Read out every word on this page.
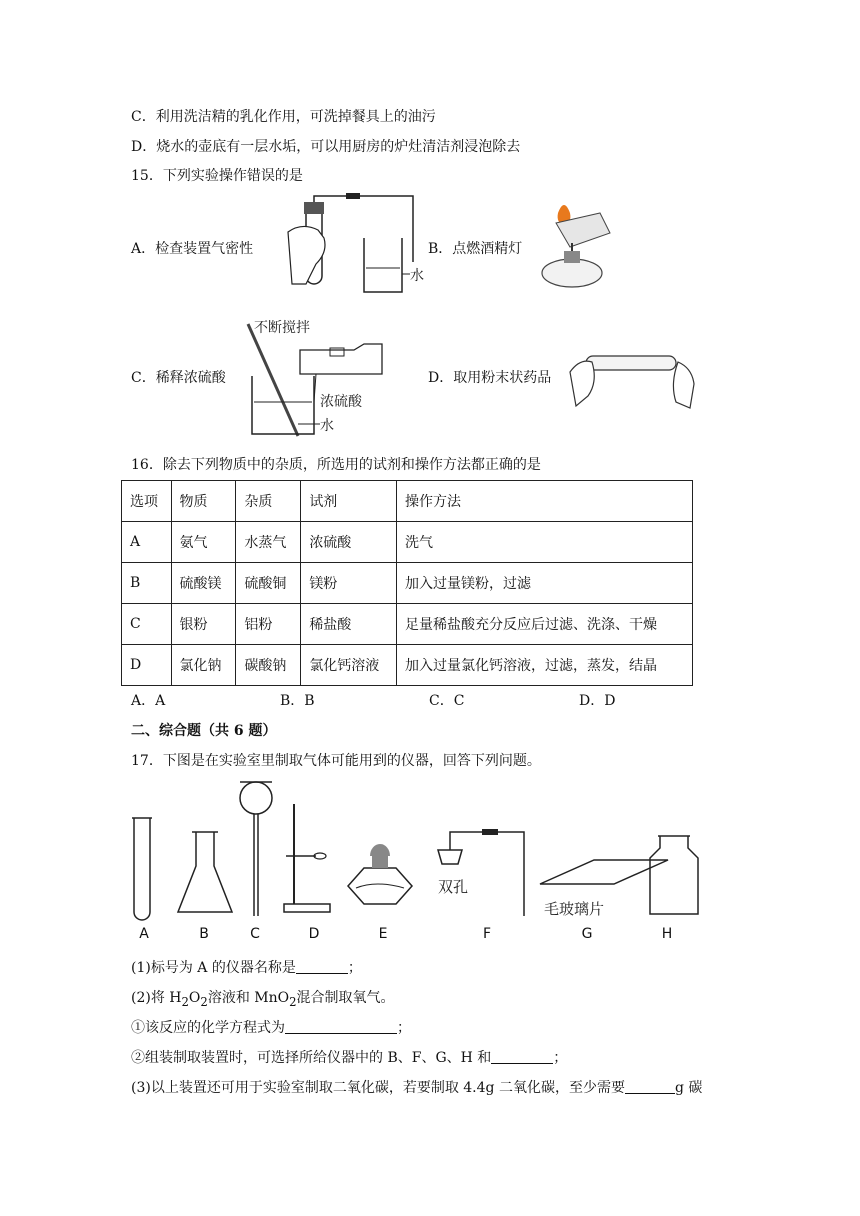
C．利用洗洁精的乳化作用，可洗掉餐具上的油污
D．烧水的壶底有一层水垢，可以用厨房的炉灶清洁剂浸泡除去
15．下列实验操作错误的是
A．检查装置气密性	B．点燃酒精灯
C．稀释浓硫酸	D．取用粉末状药品
水
不断搅拌
浓硫酸
水
16．除去下列物质中的杂质，所选用的试剂和操作方法都正确的是
选项	物质	杂质	试剂	操作方法
A	氨气	水蒸气	浓硫酸	洗气
B	硫酸镁	硫酸铜	镁粉	加入过量镁粉，过滤
C	银粉	铝粉	稀盐酸	足量稀盐酸充分反应后过滤、洗涤、干燥
D	氯化钠	碳酸钠	氯化钙溶液	加入过量氯化钙溶液，过滤，蒸发，结晶
A．A	B．B	C．C	D．D
二、综合题（共 6 题）
17．下图是在实验室里制取气体可能用到的仪器，回答下列问题。
双孔
毛玻璃片
A	B	C	D	E	F	G	H
(1)标号为 A 的仪器名称是	；
(2)将 $H_2O_2$溶液和 MnO$_2$混合制取氧气。
①该反应的化学方程式为	；
②组装制取装置时，可选择所给仪器中的 B、F、G、H 和	；
(3)以上装置还可用于实验室制取二氧化碳，若要制取 4.4g 二氧化碳，至少需要	g 碳
